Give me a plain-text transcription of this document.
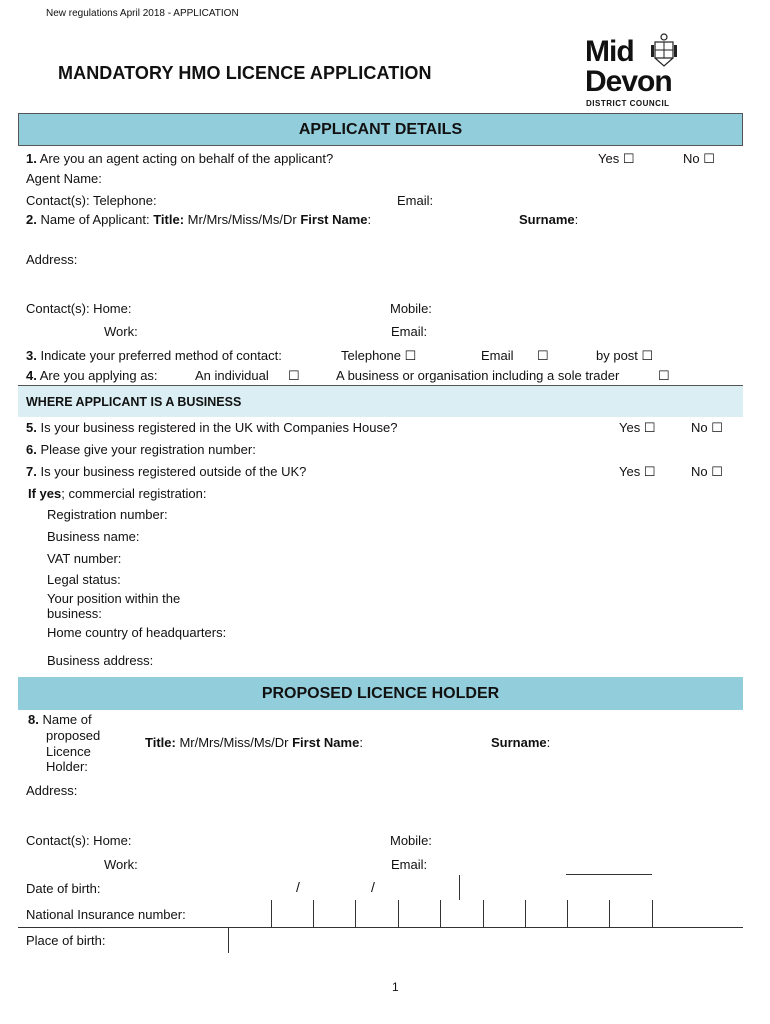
New regulations April 2018 - APPLICATION
MANDATORY HMO LICENCE APPLICATION
Mid
Devon
DISTRICT COUNCIL
APPLICANT DETAILS
1. Are you an agent acting on behalf of the applicant?	Yes ☐	No ☐
Agent Name:
Contact(s): Telephone:	Email:
2. Name of Applicant: Title: Mr/Mrs/Miss/Ms/Dr First Name:	Surname:
Address:
Contact(s): Home:	Mobile:
Work:	Email:
3. Indicate your preferred method of contact:	Telephone ☐	Email ☐	by post ☐
4. Are you applying as:	An individual ☐	A business or organisation including a sole trader	☐
WHERE APPLICANT IS A BUSINESS
5. Is your business registered in the UK with Companies House?	Yes ☐	No ☐
6. Please give your registration number:
7. Is your business registered outside of the UK?	Yes ☐	No ☐
If yes; commercial registration:
Registration number:
Business name:
VAT number:
Legal status:
Your position within the
business:
Home country of headquarters:
Business address:
PROPOSED LICENCE HOLDER
8. Name of
proposed
Licence
Holder:
Title: Mr/Mrs/Miss/Ms/Dr First Name:	Surname:
Address:
Contact(s): Home:	Mobile:
Work:	Email:
Date of birth:	/	/
National Insurance number:
Place of birth:
1
